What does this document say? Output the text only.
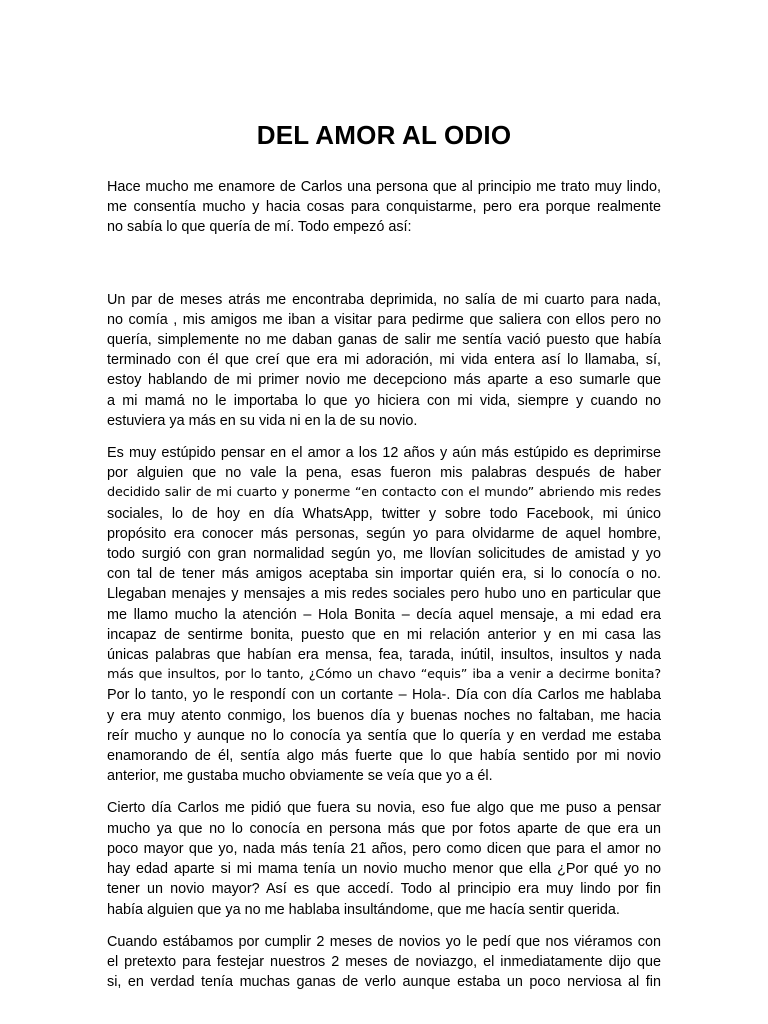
DEL AMOR AL ODIO

Hace mucho me enamore de Carlos una persona que al principio me trato muy lindo,
me consentía mucho y hacia cosas para conquistarme, pero era porque realmente
no sabía lo que quería de mí. Todo empezó así:

Un par de meses atrás me encontraba deprimida, no salía de mi cuarto para nada,
no comía , mis amigos me iban a visitar para pedirme que saliera con ellos pero no
quería, simplemente no me daban ganas de salir me sentía vació puesto que había
terminado con él que creí que era mi adoración, mi vida entera así lo llamaba, sí,
estoy hablando de mi primer novio me decepciono más aparte a eso sumarle que
a mi mamá no le importaba lo que yo hiciera con mi vida, siempre y cuando no
estuviera ya más en su vida ni en la de su novio.

Es muy estúpido pensar en el amor a los 12 años y aún más estúpido es deprimirse
por alguien que no vale la pena, esas fueron mis palabras después de haber
decidido salir de mi cuarto y ponerme “en contacto con el mundo” abriendo mis redes
sociales, lo de hoy en día WhatsApp, twitter y sobre todo Facebook, mi único
propósito era conocer más personas, según yo para olvidarme de aquel hombre,
todo surgió con gran normalidad según yo, me llovían solicitudes de amistad y yo
con tal de tener más amigos aceptaba sin importar quién era, si lo conocía o no.
Llegaban menajes y mensajes a mis redes sociales pero hubo uno en particular que
me llamo mucho la atención – Hola Bonita – decía aquel mensaje, a mi edad era
incapaz de sentirme bonita, puesto que en mi relación anterior y en mi casa las
únicas palabras que habían era mensa, fea, tarada, inútil, insultos, insultos y nada
más que insultos, por lo tanto, ¿Cómo un chavo “equis” iba a venir a decirme bonita?
Por lo tanto, yo le respondí con un cortante – Hola-. Día con día Carlos me hablaba
y era muy atento conmigo, los buenos día y buenas noches no faltaban, me hacia
reír mucho y aunque no lo conocía ya sentía que lo quería y en verdad me estaba
enamorando de él, sentía algo más fuerte que lo que había sentido por mi novio
anterior, me gustaba mucho obviamente se veía que yo a él.

Cierto día Carlos me pidió que fuera su novia, eso fue algo que me puso a pensar
mucho ya que no lo conocía en persona más que por fotos aparte de que era un
poco mayor que yo, nada más tenía 21 años, pero como dicen que para el amor no
hay edad aparte si mi mama tenía un novio mucho menor que ella ¿Por qué yo no
tener un novio mayor? Así es que accedí. Todo al principio era muy lindo por fin
había alguien que ya no me hablaba insultándome, que me hacía sentir querida.

Cuando estábamos por cumplir 2 meses de novios yo le pedí que nos viéramos con
el pretexto para festejar nuestros 2 meses de noviazgo, el inmediatamente dijo que
si, en verdad tenía muchas ganas de verlo aunque estaba un poco nerviosa al fin
